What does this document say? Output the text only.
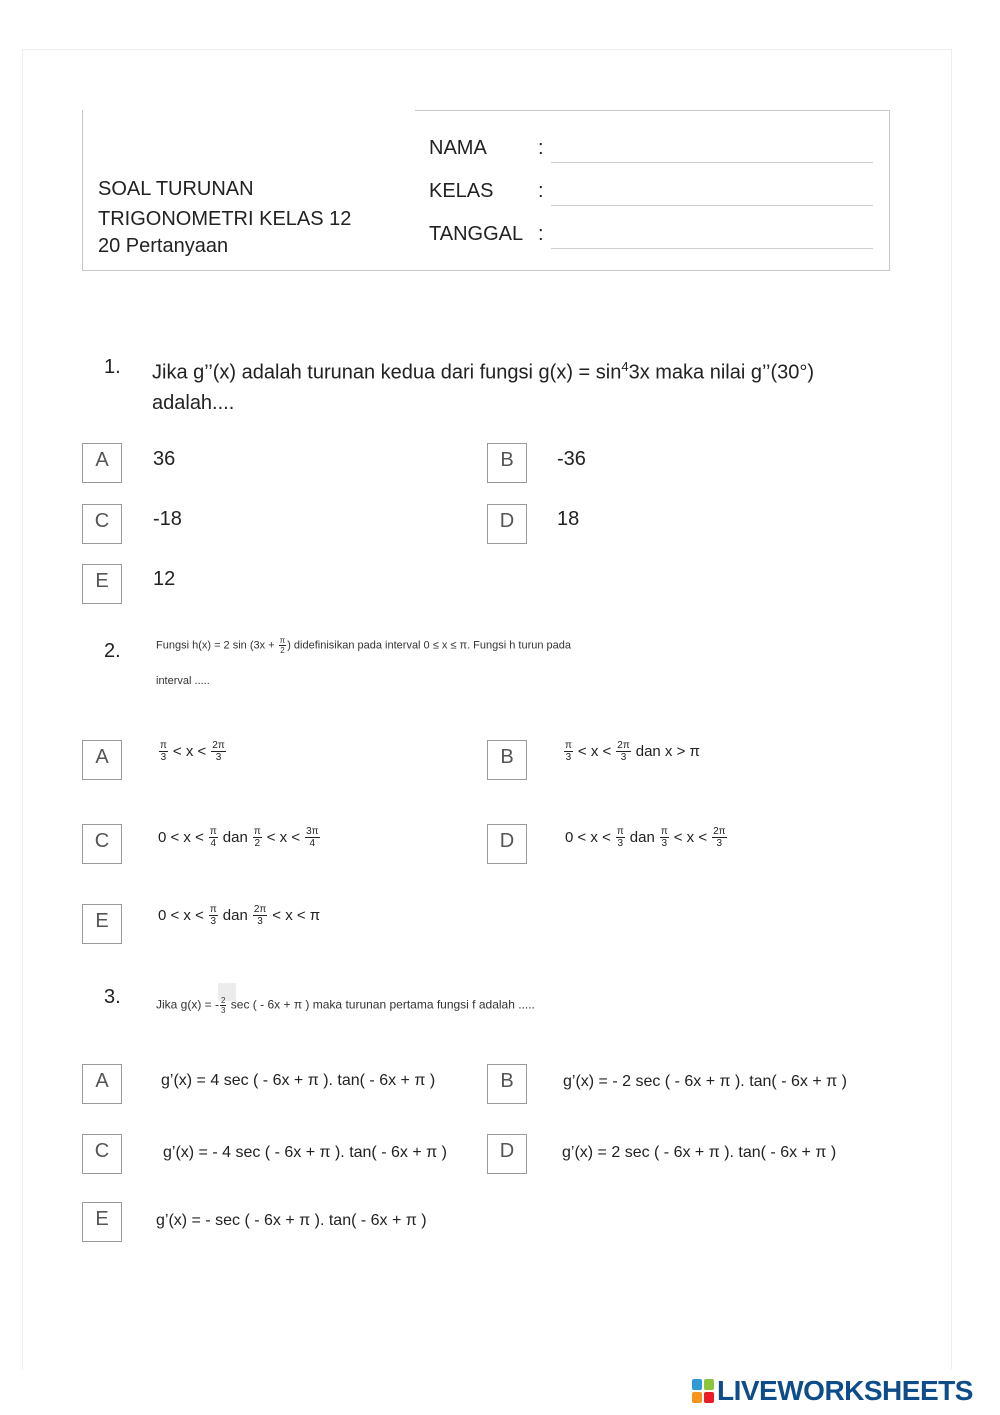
SOAL TURUNAN
TRIGONOMETRI KELAS 12
20 Pertanyaan
NAMA	:
KELAS :
TANGGAL :
1. Jika g’’(x) adalah turunan kedua dari fungsi $g(x) = \sin^43x$ maka nilai g’’(30°)
adalah....
A	36	B	-36
C	-18	D	18
E	12
2.	Fungsi h(x) = 2 $\sin (3x + \frac{\pi}{2}$ ) didefinisikan pada interval 0 ≤ x ≤ π. Fungsi h turun pada
interval .....
A	$\frac{\pi}{3} < x < \frac{2\pi}{3}$	B	$\frac{\pi}{3} < x < \frac{2\pi}{3}$ dan x > π
C	$0 < x < \frac{\pi}{4}$ dan $\frac{\pi}{2} < x < \frac{3\pi}{4}$	D	$0 < x < \frac{\pi}{3}$ dan $\frac{\pi}{3} < x < \frac{2\pi}{3}$
E	$0 < x < \frac{\pi}{3}$ dan $\frac{2\pi}{3} < x < \pi$
3.	Jika g(x) = - $\frac{2}{3}$ sec ( - 6x + π ) maka turunan pertama fungsi f adalah .....
A	g’(x) = 4 sec ( - 6x + π ). tan( - 6x + π )	B	g’(x) = - 2 sec ( - 6x + π ). tan( - 6x + π )
C	g’(x) = - 4 sec ( - 6x + π ). tan( - 6x + π )	D	g’(x) = 2 sec ( - 6x + π ). tan( - 6x + π )
E	g’(x) = - sec ( - 6x + π ). tan( - 6x + π )
LIVEWORKSHEETS
